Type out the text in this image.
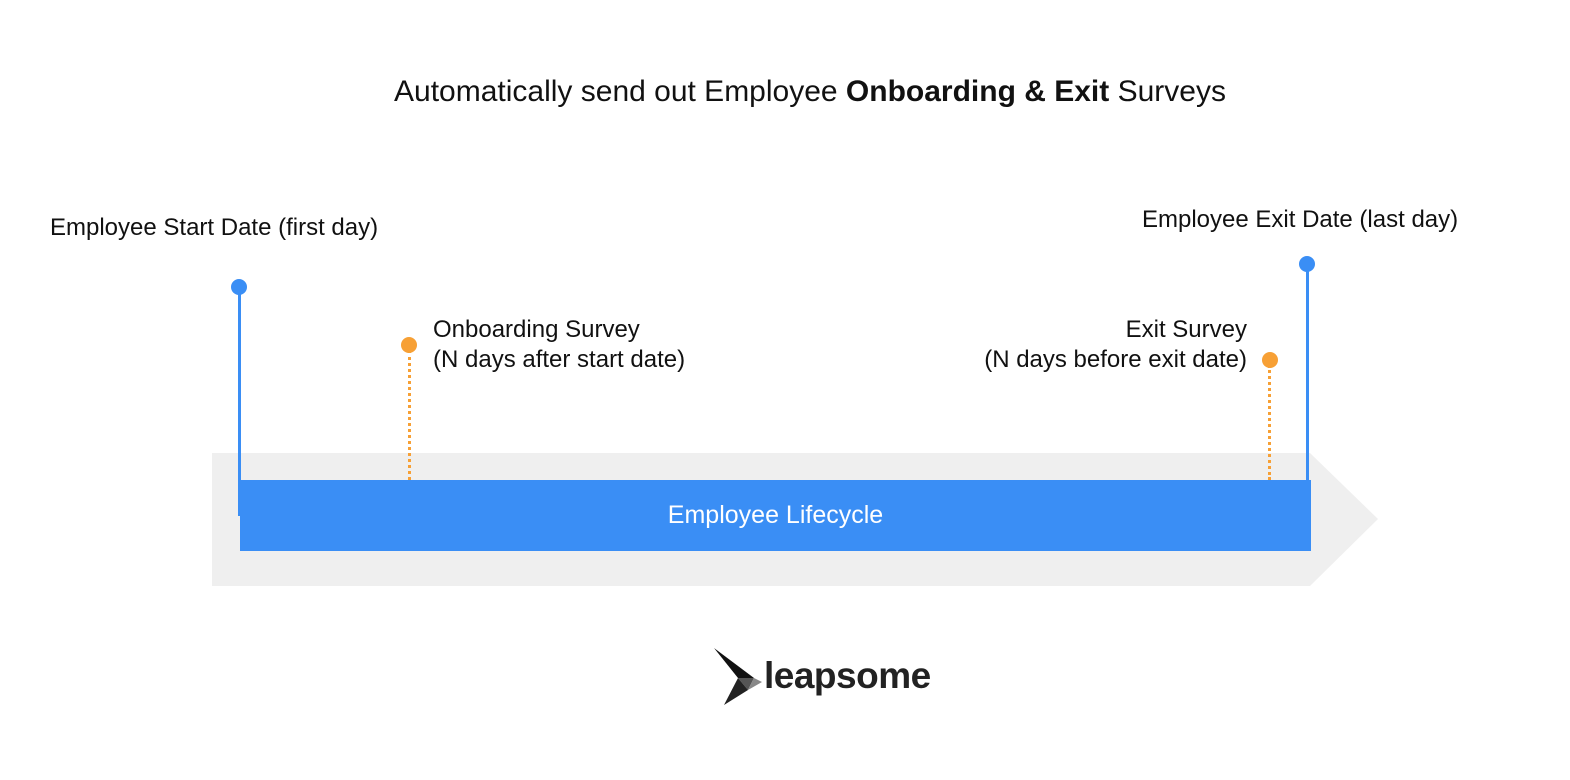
Automatically send out Employee Onboarding & Exit Surveys
Employee Start Date (first day)	Employee Exit Date (last day)
Onboarding Survey
(N days after start date)
Exit Survey
(N days before exit date)
Employee Lifecycle
leapsome
